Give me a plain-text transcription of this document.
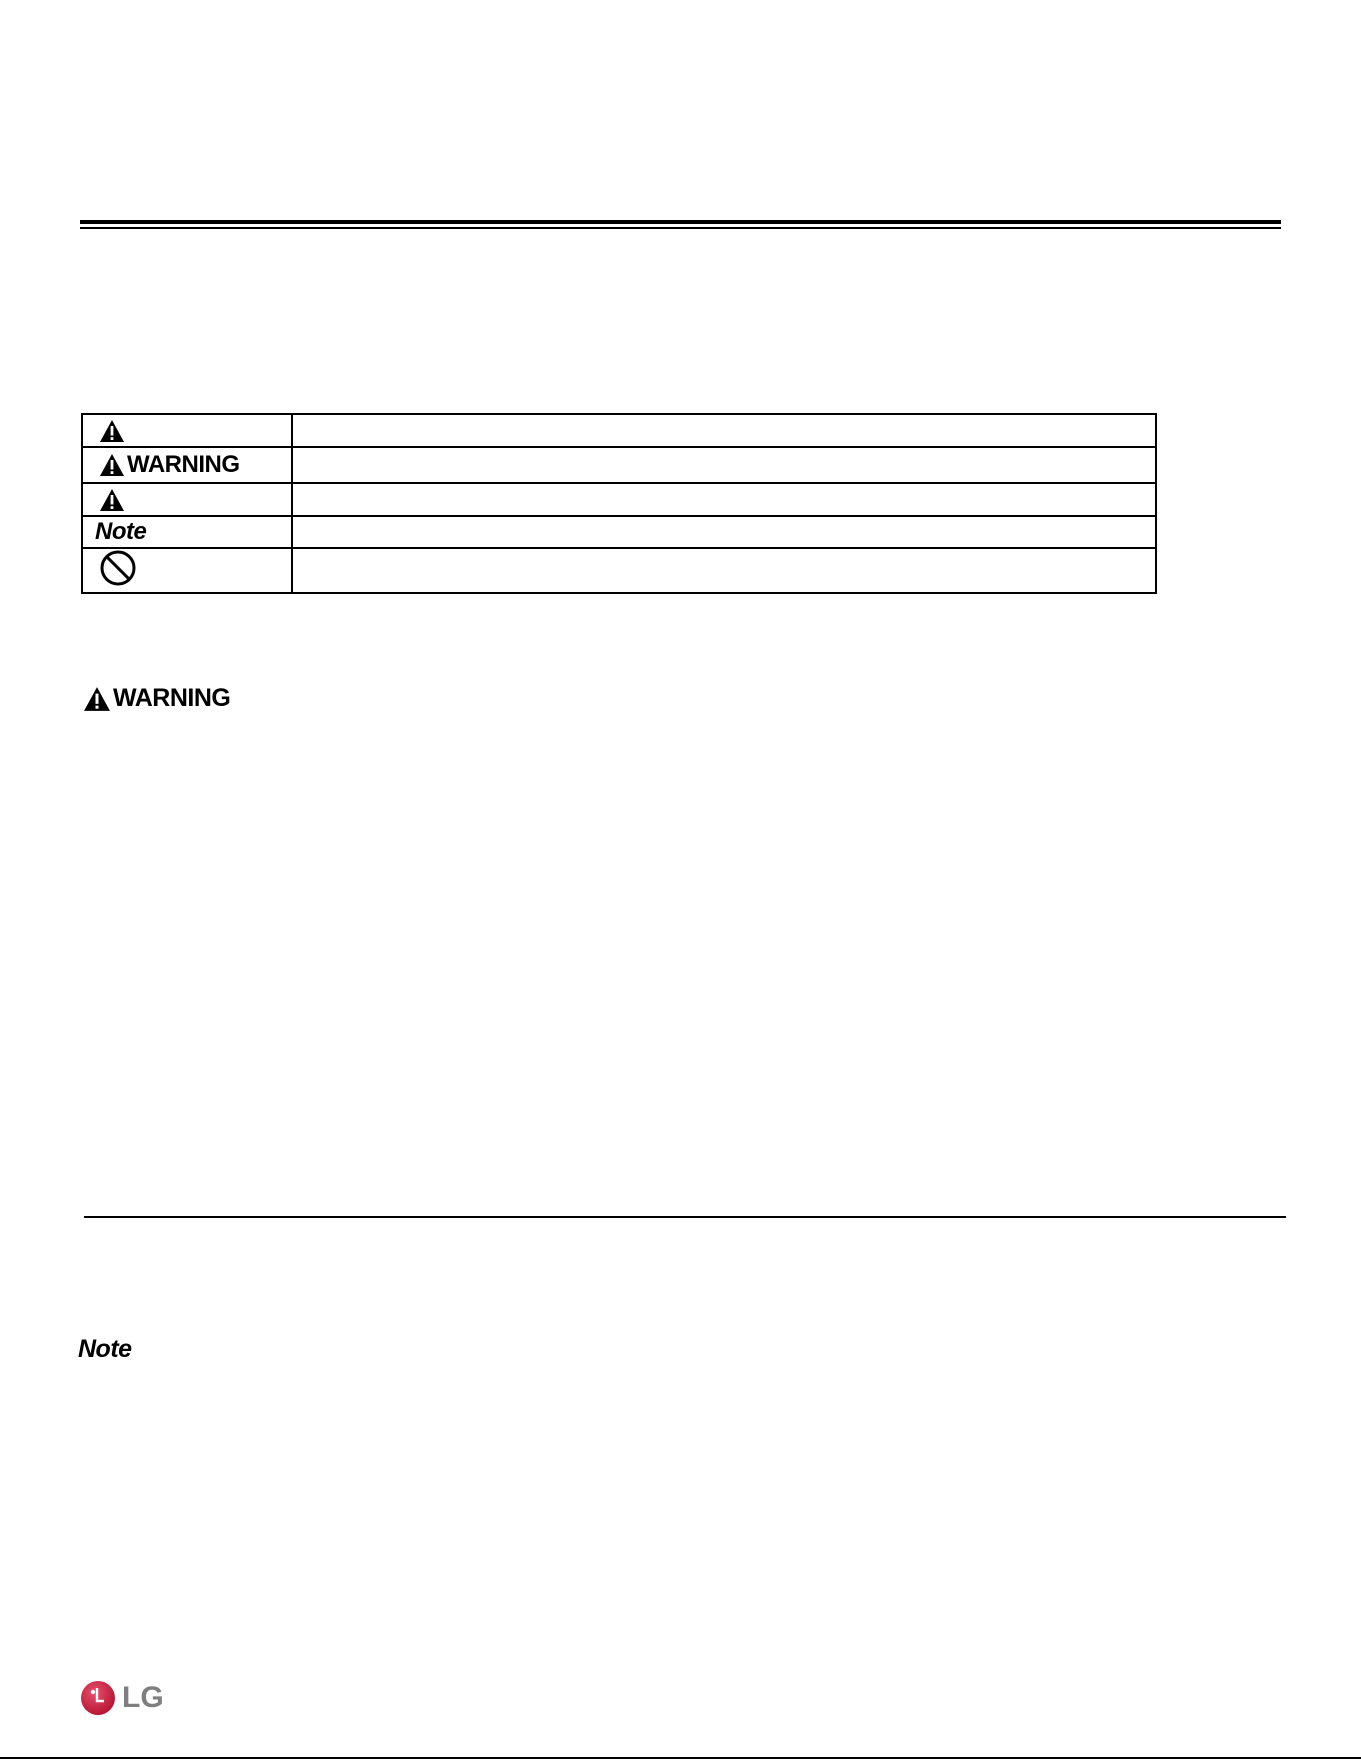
WARNING	

Note	

WARNING
Note
LG
